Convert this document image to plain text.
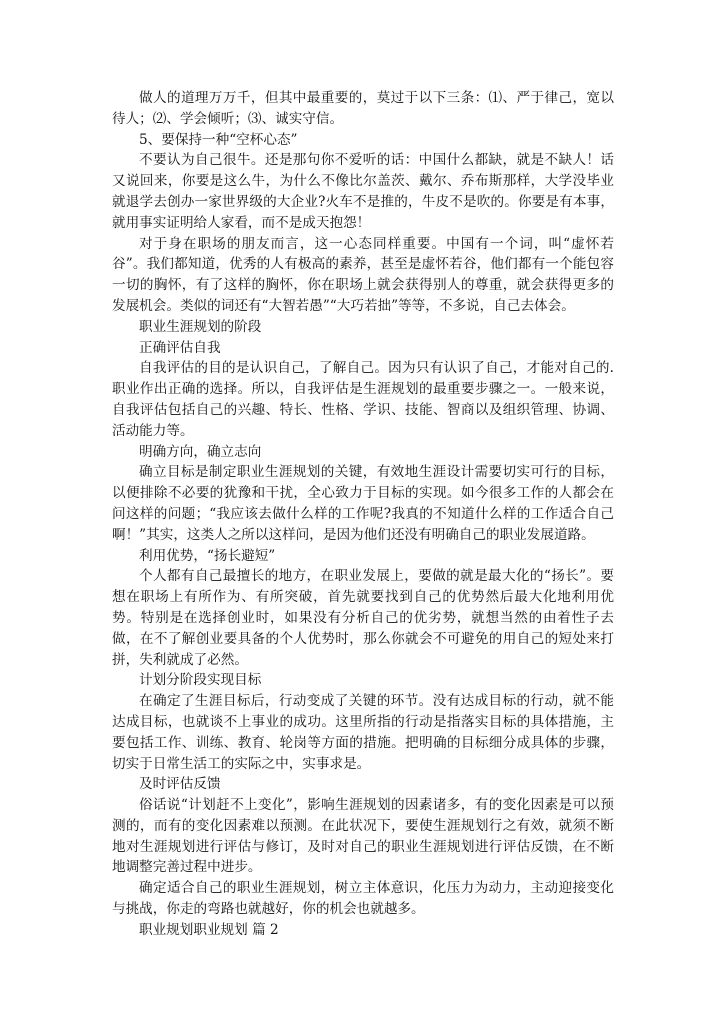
做人的道理万万千，但其中最重要的，莫过于以下三条：⑴、严于律己，宽以待人；⑵、学会倾听；⑶、诚实守信。

5、要保持一种“空杯心态”

不要认为自己很牛。还是那句你不爱听的话：中国什么都缺，就是不缺人！话又说回来，你要是这么牛，为什么不像比尔盖茨、戴尔、乔布斯那样，大学没毕业就退学去创办一家世界级的大企业?火车不是推的，牛皮不是吹的。你要是有本事，就用事实证明给人家看，而不是成天抱怨！

对于身在职场的朋友而言，这一心态同样重要。中国有一个词，叫“虚怀若谷”。我们都知道，优秀的人有极高的素养，甚至是虚怀若谷，他们都有一个能包容一切的胸怀，有了这样的胸怀，你在职场上就会获得别人的尊重，就会获得更多的发展机会。类似的词还有“大智若愚”“大巧若拙”等等，不多说，自己去体会。

职业生涯规划的阶段

正确评估自我

自我评估的目的是认识自己，了解自己。因为只有认识了自己，才能对自己的.职业作出正确的选择。所以，自我评估是生涯规划的最重要步骤之一。一般来说，自我评估包括自己的兴趣、特长、性格、学识、技能、智商以及组织管理、协调、活动能力等。

明确方向，确立志向

确立目标是制定职业生涯规划的关键，有效地生涯设计需要切实可行的目标，以便排除不必要的犹豫和干扰，全心致力于目标的实现。如今很多工作的人都会在问这样的问题；“我应该去做什么样的工作呢?我真的不知道什么样的工作适合自己啊！”其实，这类人之所以这样问，是因为他们还没有明确自己的职业发展道路。

利用优势，“扬长避短”

个人都有自己最擅长的地方，在职业发展上，要做的就是最大化的“扬长”。要想在职场上有所作为、有所突破，首先就要找到自己的优势然后最大化地利用优势。特别是在选择创业时，如果没有分析自己的优劣势，就想当然的由着性子去做，在不了解创业要具备的个人优势时，那么你就会不可避免的用自己的短处来打拼，失利就成了必然。

计划分阶段实现目标

在确定了生涯目标后，行动变成了关键的环节。没有达成目标的行动，就不能达成目标，也就谈不上事业的成功。这里所指的行动是指落实目标的具体措施，主要包括工作、训练、教育、轮岗等方面的措施。把明确的目标细分成具体的步骤，切实于日常生活工的实际之中，实事求是。

及时评估反馈

俗话说“计划赶不上变化”，影响生涯规划的因素诸多，有的变化因素是可以预测的，而有的变化因素难以预测。在此状况下，要使生涯规划行之有效，就须不断地对生涯规划进行评估与修订，及时对自己的职业生涯规划进行评估反馈，在不断地调整完善过程中进步。

确定适合自己的职业生涯规划，树立主体意识，化压力为动力，主动迎接变化与挑战，你走的弯路也就越好，你的机会也就越多。

职业规划职业规划 篇 2
